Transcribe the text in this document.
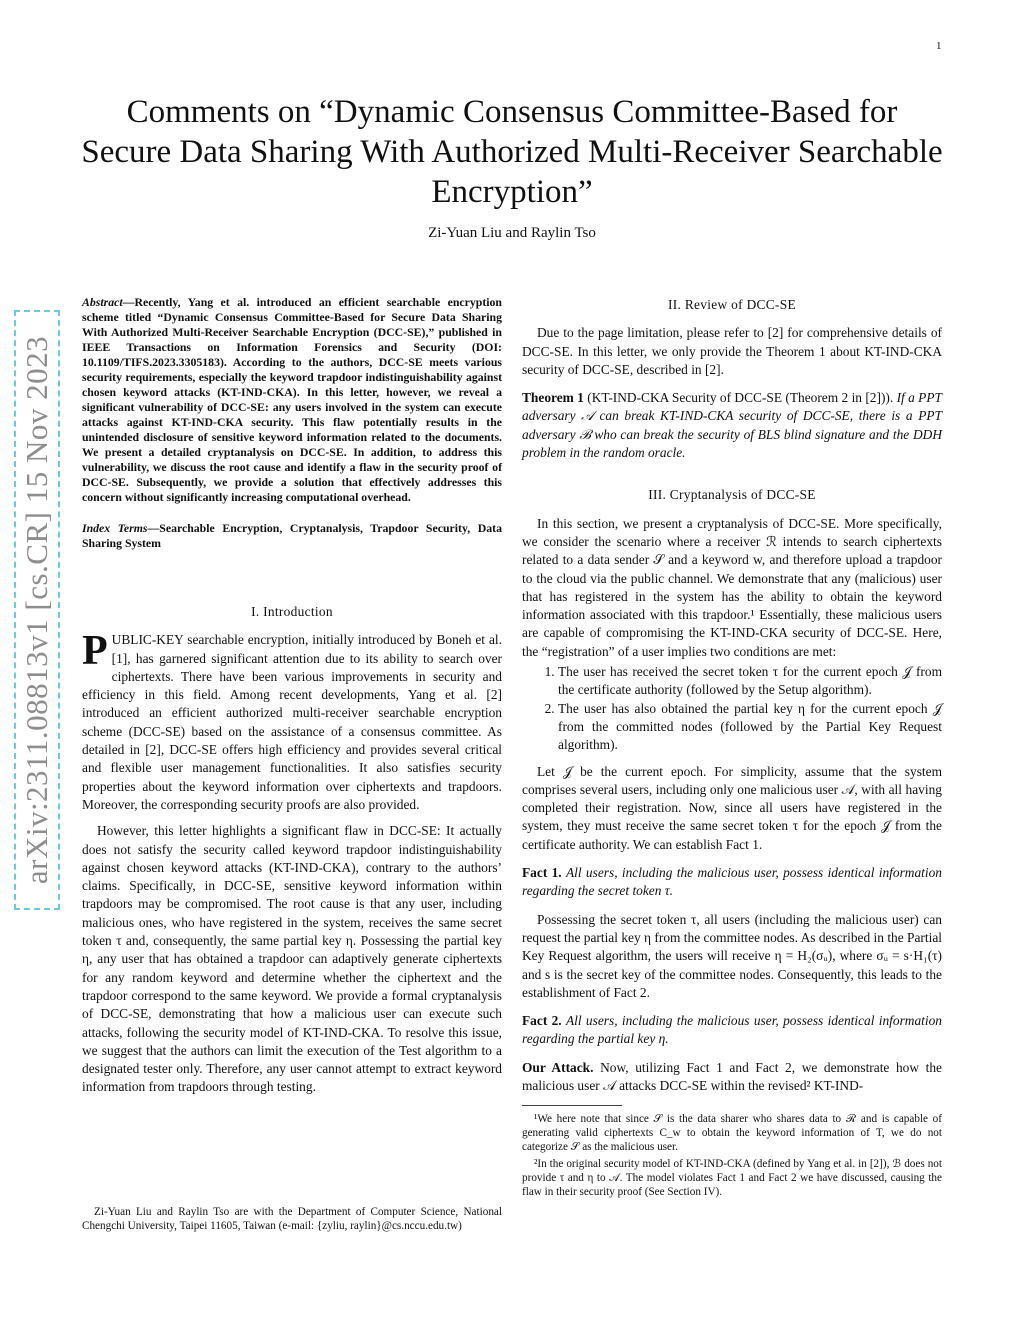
1
arXiv:2311.08813v1 [cs.CR] 15 Nov 2023
Comments on “Dynamic Consensus Committee-Based for Secure Data Sharing With Authorized Multi-Receiver Searchable Encryption”
Zi-Yuan Liu and Raylin Tso
Abstract—Recently, Yang et al. introduced an efficient searchable encryption scheme titled “Dynamic Consensus Committee-Based for Secure Data Sharing With Authorized Multi-Receiver Searchable Encryption (DCC-SE),” published in IEEE Transactions on Information Forensics and Security (DOI: 10.1109/TIFS.2023.3305183). According to the authors, DCC-SE meets various security requirements, especially the keyword trapdoor indistinguishability against chosen keyword attacks (KT-IND-CKA). In this letter, however, we reveal a significant vulnerability of DCC-SE: any users involved in the system can execute attacks against KT-IND-CKA security. This flaw potentially results in the unintended disclosure of sensitive keyword information related to the documents. We present a detailed cryptanalysis on DCC-SE. In addition, to address this vulnerability, we discuss the root cause and identify a flaw in the security proof of DCC-SE. Subsequently, we provide a solution that effectively addresses this concern without significantly increasing computational overhead.
Index Terms—Searchable Encryption, Cryptanalysis, Trapdoor Security, Data Sharing System
I. Introduction

PUBLIC-KEY searchable encryption, initially introduced by Boneh et al. [1], has garnered significant attention due to its ability to search over ciphertexts. There have been various improvements in security and efficiency in this field. Among recent developments, Yang et al. [2] introduced an efficient authorized multi-receiver searchable encryption scheme (DCC-SE) based on the assistance of a consensus committee. As detailed in [2], DCC-SE offers high efficiency and provides several critical and flexible user management functionalities. It also satisfies security properties about the keyword information over ciphertexts and trapdoors. Moreover, the corresponding security proofs are also provided.

However, this letter highlights a significant flaw in DCC-SE: It actually does not satisfy the security called keyword trapdoor indistinguishability against chosen keyword attacks (KT-IND-CKA), contrary to the authors’ claims. Specifically, in DCC-SE, sensitive keyword information within trapdoors may be compromised. The root cause is that any user, including malicious ones, who have registered in the system, receives the same secret token τ and, consequently, the same partial key η. Possessing the partial key η, any user that has obtained a trapdoor can adaptively generate ciphertexts for any random keyword and determine whether the ciphertext and the trapdoor correspond to the same keyword. We provide a formal cryptanalysis of DCC-SE, demonstrating that how a malicious user can execute such attacks, following the security model of KT-IND-CKA. To resolve this issue, we suggest that the authors can limit the execution of the Test algorithm to a designated tester only. Therefore, any user cannot attempt to extract keyword information from trapdoors through testing.

Zi-Yuan Liu and Raylin Tso are with the Department of Computer Science, National Chengchi University, Taipei 11605, Taiwan (e-mail: {zyliu, raylin}@cs.nccu.edu.tw)
II. Review of DCC-SE

Due to the page limitation, please refer to [2] for comprehensive details of DCC-SE. In this letter, we only provide the Theorem 1 about KT-IND-CKA security of DCC-SE, described in [2].

Theorem 1 (KT-IND-CKA Security of DCC-SE (Theorem 2 in [2])). If a PPT adversary 𝒜 can break KT-IND-CKA security of DCC-SE, there is a PPT adversary ℬ who can break the security of BLS blind signature and the DDH problem in the random oracle.

III. Cryptanalysis of DCC-SE

In this section, we present a cryptanalysis of DCC-SE. More specifically, we consider the scenario where a receiver ℛ intends to search ciphertexts related to a data sender 𝒮 and a keyword w, and therefore upload a trapdoor to the cloud via the public channel. We demonstrate that any (malicious) user that has registered in the system has the ability to obtain the keyword information associated with this trapdoor.¹ Essentially, these malicious users are capable of compromising the KT-IND-CKA security of DCC-SE. Here, the “registration” of a user implies two conditions are met:

1. The user has received the secret token τ for the current epoch 𝒥 from the certificate authority (followed by the Setup algorithm).
2. The user has also obtained the partial key η for the current epoch 𝒥 from the committed nodes (followed by the Partial Key Request algorithm).

Let 𝒥 be the current epoch. For simplicity, assume that the system comprises several users, including only one malicious user 𝒜, with all having completed their registration. Now, since all users have registered in the system, they must receive the same secret token τ for the epoch 𝒥 from the certificate authority. We can establish Fact 1.

Fact 1. All users, including the malicious user, possess identical information regarding the secret token τ.

Possessing the secret token τ, all users (including the malicious user) can request the partial key η from the committee nodes. As described in the Partial Key Request algorithm, the users will receive η = H₂(σᵤ), where σᵤ = s·H₁(τ) and s is the secret key of the committee nodes. Consequently, this leads to the establishment of Fact 2.

Fact 2. All users, including the malicious user, possess identical information regarding the partial key η.

Our Attack. Now, utilizing Fact 1 and Fact 2, we demonstrate how the malicious user 𝒜 attacks DCC-SE within the revised² KT-IND-

¹We here note that since 𝒮 is the data sharer who shares data to ℛ and is capable of generating valid ciphertexts C_w to obtain the keyword information of T, we do not categorize 𝒮 as the malicious user.

²In the original security model of KT-IND-CKA (defined by Yang et al. in [2]), ℬ does not provide τ and η to 𝒜. The model violates Fact 1 and Fact 2 we have discussed, causing the flaw in their security proof (See Section IV).
